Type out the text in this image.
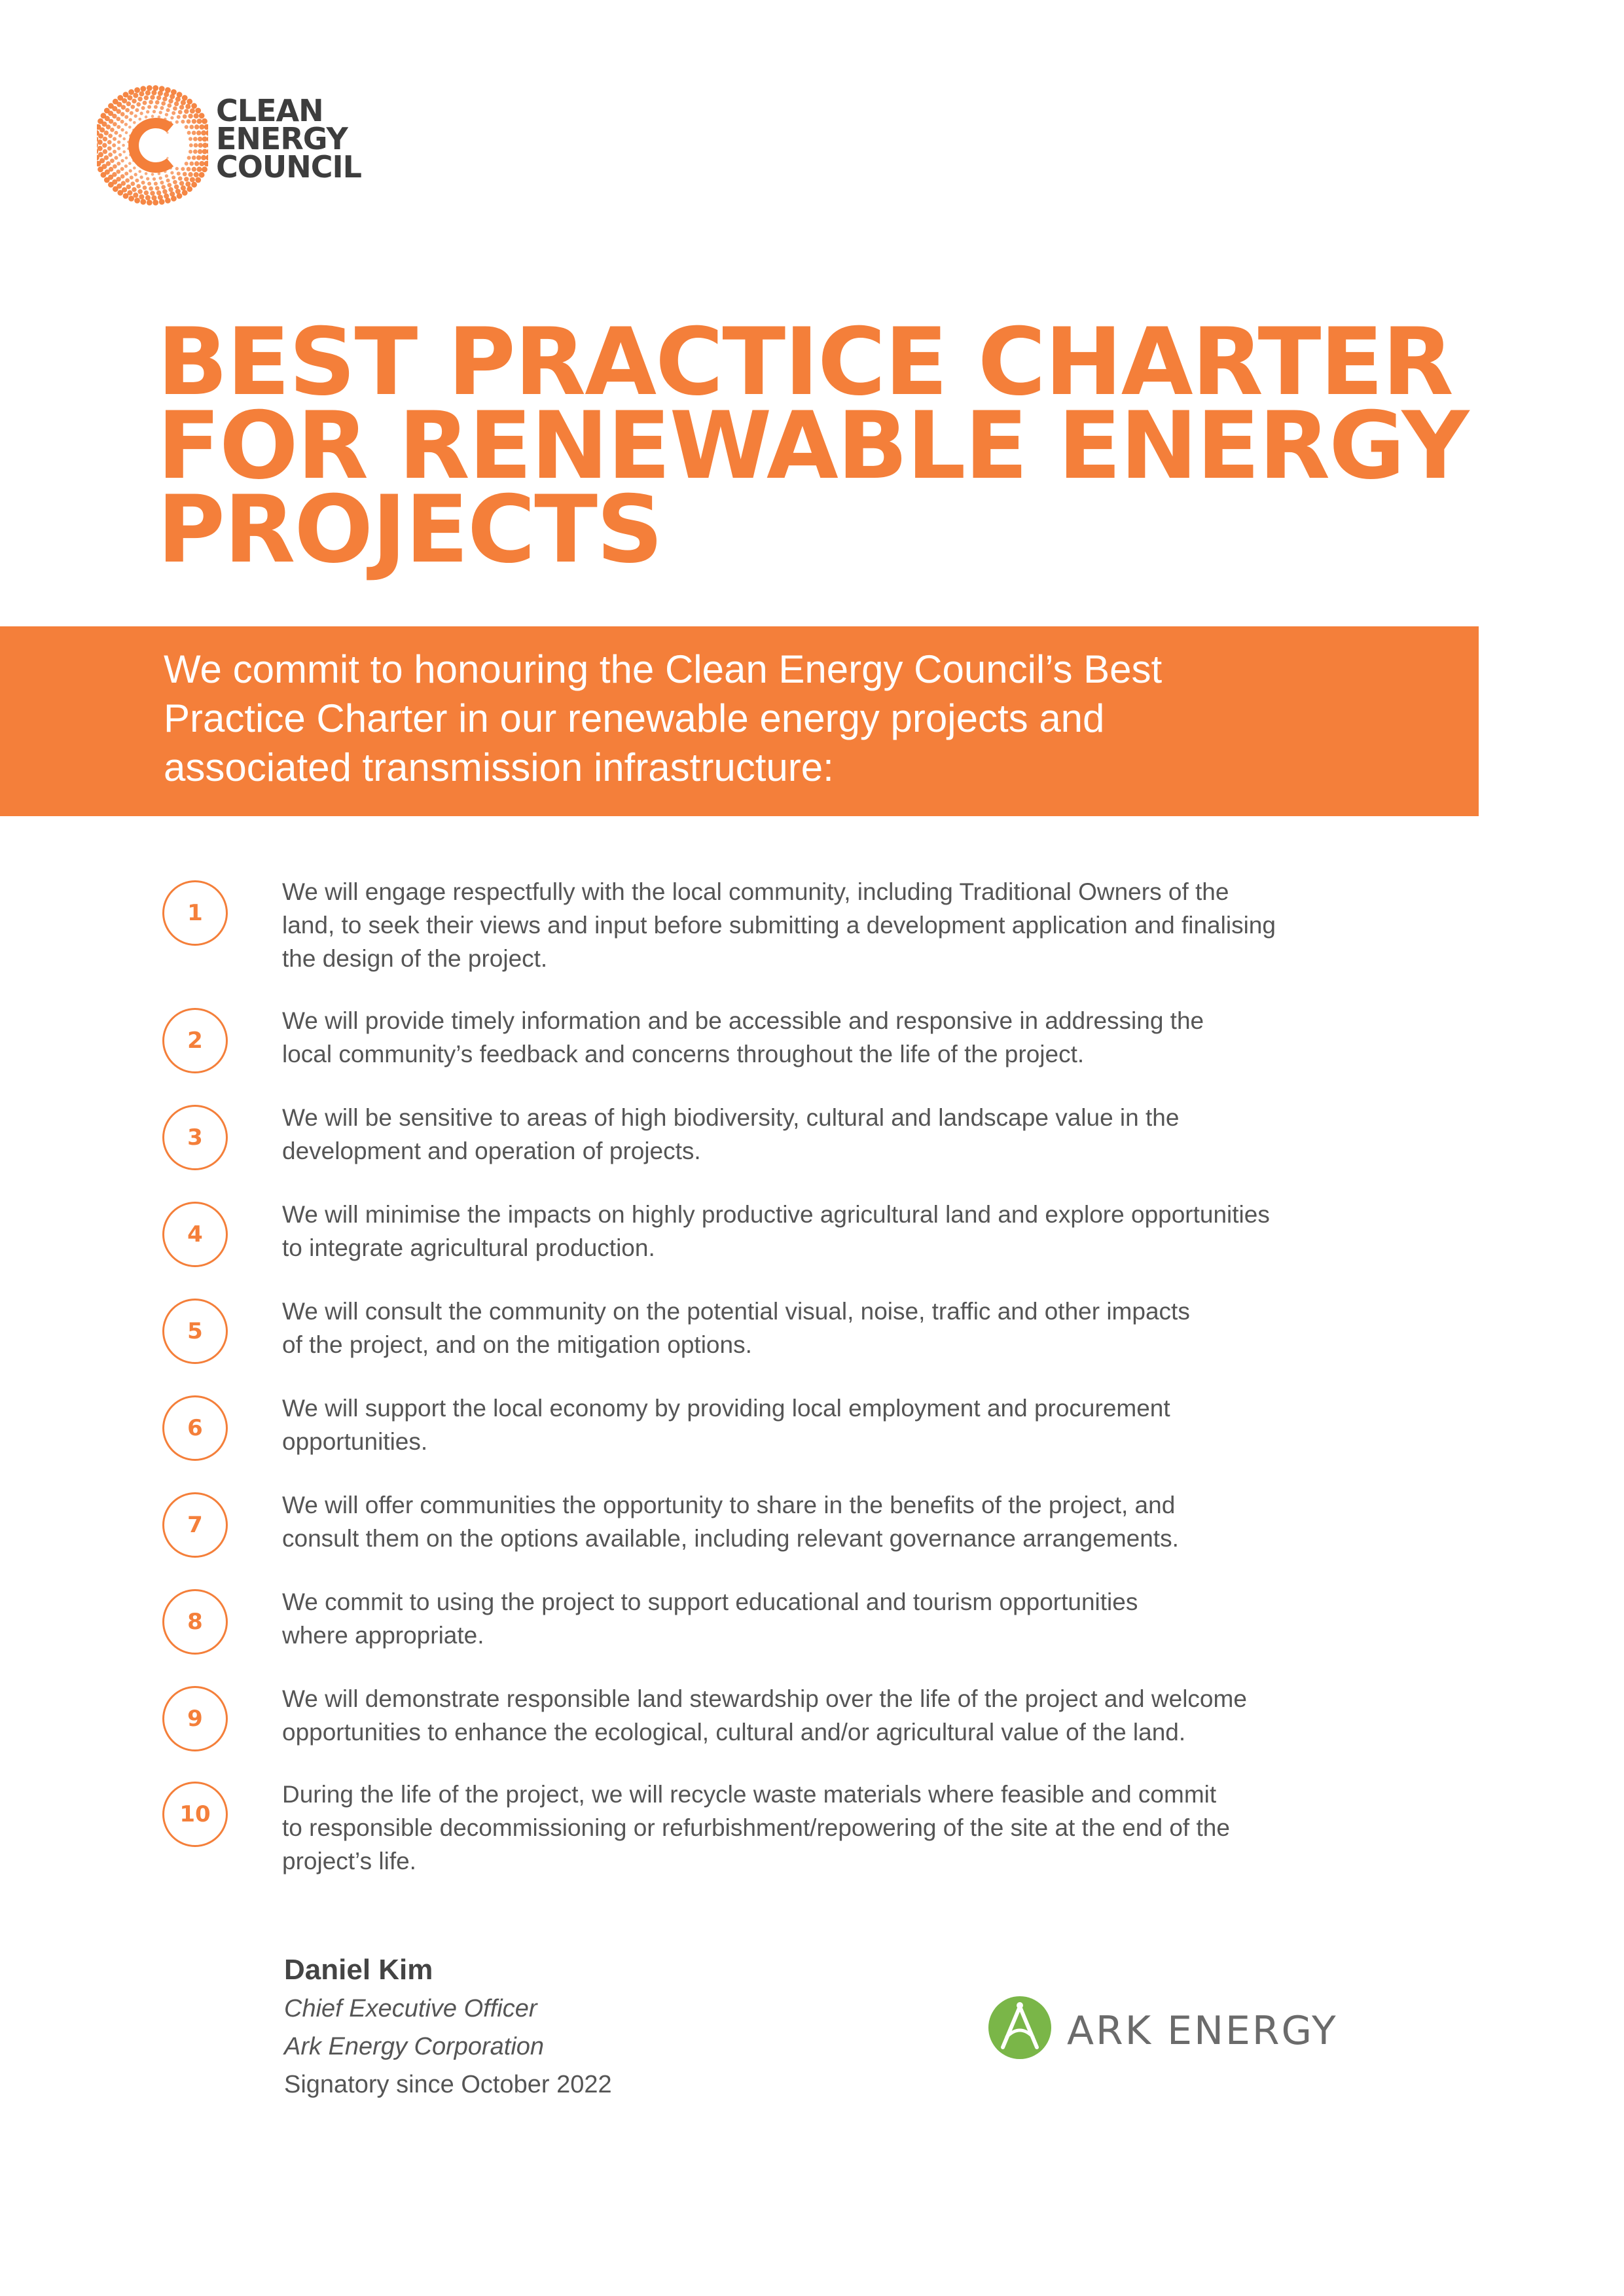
CLEAN
ENERGY
COUNCIL
BEST PRACTICE CHARTER
FOR RENEWABLE ENERGY
PROJECTS
We commit to honouring the Clean Energy Council’s Best
Practice Charter in our renewable energy projects and
associated transmission infrastructure:
1
We will engage respectfully with the local community, including Traditional Owners of the
land, to seek their views and input before submitting a development application and finalising
the design of the project.
2
We will provide timely information and be accessible and responsive in addressing the
local community’s feedback and concerns throughout the life of the project.
3
We will be sensitive to areas of high biodiversity, cultural and landscape value in the
development and operation of projects.
4
We will minimise the impacts on highly productive agricultural land and explore opportunities
to integrate agricultural production.
5
We will consult the community on the potential visual, noise, traffic and other impacts
of the project, and on the mitigation options.
6
We will support the local economy by providing local employment and procurement
opportunities.
7
We will offer communities the opportunity to share in the benefits of the project, and
consult them on the options available, including relevant governance arrangements.
8
We commit to using the project to support educational and tourism opportunities
where appropriate.
9
We will demonstrate responsible land stewardship over the life of the project and welcome
opportunities to enhance the ecological, cultural and/or agricultural value of the land.
10
During the life of the project, we will recycle waste materials where feasible and commit
to responsible decommissioning or refurbishment/repowering of the site at the end of the
project’s life.
Daniel Kim
Chief Executive Officer
Ark Energy Corporation
Signatory since October 2022
ARK ENERGY
